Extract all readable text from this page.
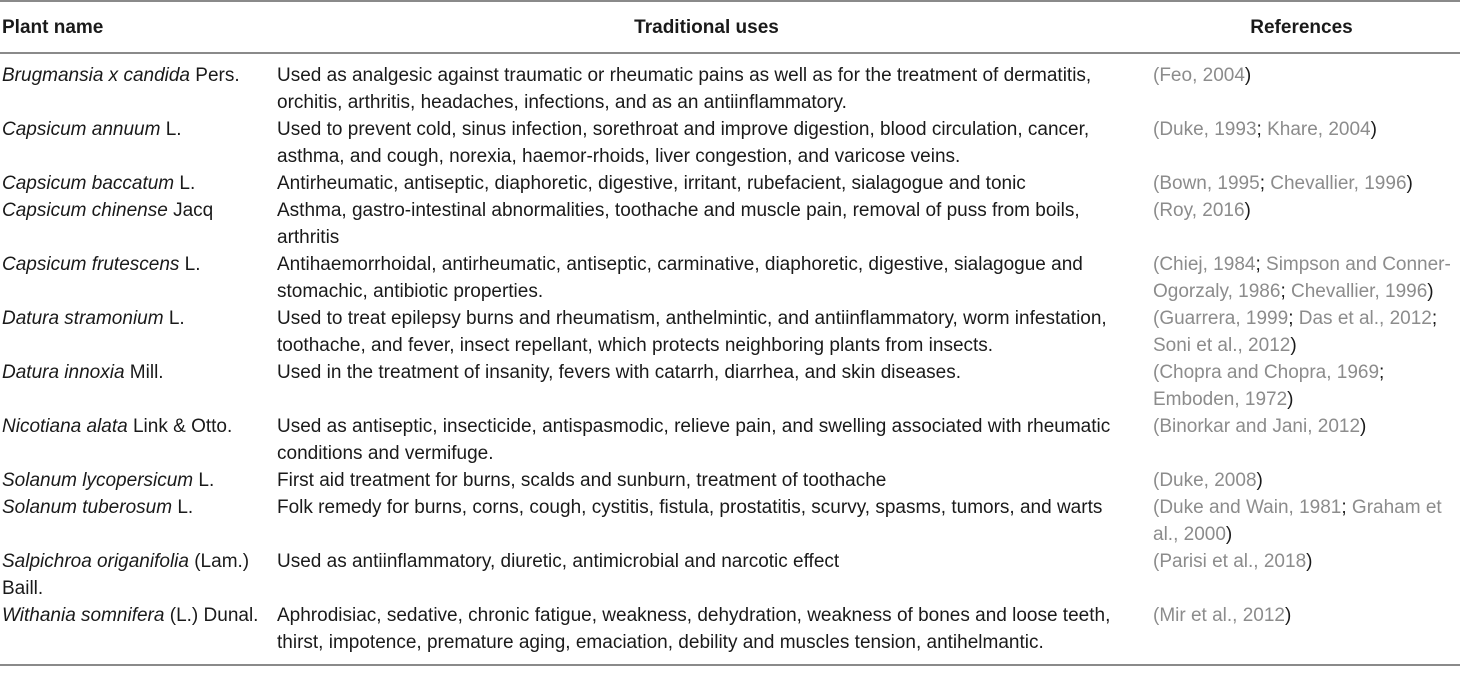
Plant name	Traditional uses	References
Brugmansia x candida Pers.	Used as analgesic against traumatic or rheumatic pains as well as for the treatment of dermatitis, orchitis, arthritis, headaches, infections, and as an antiinflammatory.	(Feo, 2004)
Capsicum annuum L.	Used to prevent cold, sinus infection, sorethroat and improve digestion, blood circulation, cancer, asthma, and cough, norexia, haemor-rhoids, liver congestion, and varicose veins.	(Duke, 1993; Khare, 2004)
Capsicum baccatum L.	Antirheumatic, antiseptic, diaphoretic, digestive, irritant, rubefacient, sialagogue and tonic	(Bown, 1995; Chevallier, 1996)
Capsicum chinense Jacq	Asthma, gastro-intestinal abnormalities, toothache and muscle pain, removal of puss from boils, arthritis	(Roy, 2016)
Capsicum frutescens L.	Antihaemorrhoidal, antirheumatic, antiseptic, carminative, diaphoretic, digestive, sialagogue and stomachic, antibiotic properties.	(Chiej, 1984; Simpson and Conner-Ogorzaly, 1986; Chevallier, 1996)
Datura stramonium L.	Used to treat epilepsy burns and rheumatism, anthelmintic, and antiinflammatory, worm infestation, toothache, and fever, insect repellant, which protects neighboring plants from insects.	(Guarrera, 1999; Das et al., 2012; Soni et al., 2012)
Datura innoxia Mill.	Used in the treatment of insanity, fevers with catarrh, diarrhea, and skin diseases.	(Chopra and Chopra, 1969; Emboden, 1972)
Nicotiana alata Link & Otto.	Used as antiseptic, insecticide, antispasmodic, relieve pain, and swelling associated with rheumatic conditions and vermifuge.	(Binorkar and Jani, 2012)
Solanum lycopersicum L.	First aid treatment for burns, scalds and sunburn, treatment of toothache	(Duke, 2008)
Solanum tuberosum L.	Folk remedy for burns, corns, cough, cystitis, fistula, prostatitis, scurvy, spasms, tumors, and warts	(Duke and Wain, 1981; Graham et al., 2000)
Salpichroa origanifolia (Lam.) Baill.	Used as antiinflammatory, diuretic, antimicrobial and narcotic effect	(Parisi et al., 2018)
Withania somnifera (L.) Dunal.	Aphrodisiac, sedative, chronic fatigue, weakness, dehydration, weakness of bones and loose teeth, thirst, impotence, premature aging, emaciation, debility and muscles tension, antihelmantic.	(Mir et al., 2012)
